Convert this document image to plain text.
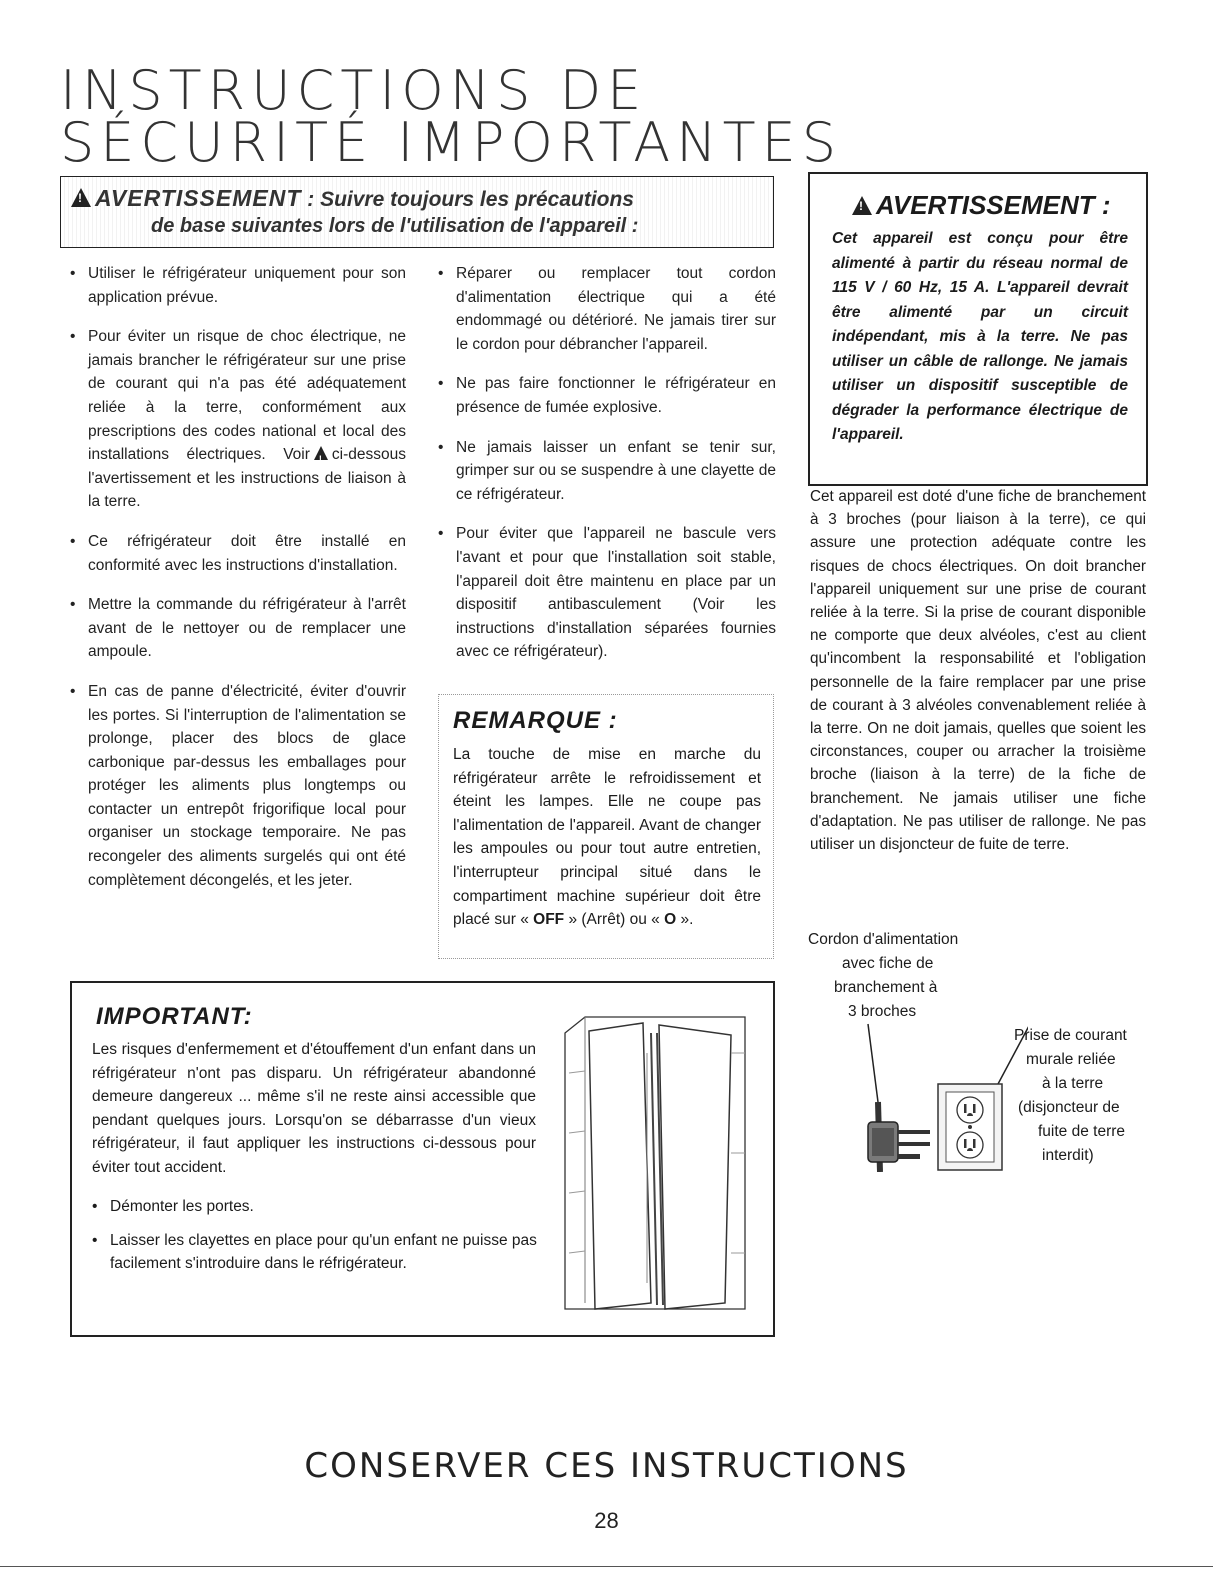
INSTRUCTIONS DE
SÉCURITÉ IMPORTANTES
!AVERTISSEMENT : Suivre toujours les précautions
de base suivantes lors de l'utilisation de l'appareil :
• Utiliser le réfrigérateur uniquement pour son application prévue.
• Pour éviter un risque de choc électrique, ne jamais brancher le réfrigérateur sur une prise de courant qui n'a pas été adéquatement reliée à la terre, conformément aux prescriptions des codes national et local des installations électriques. Voir! ci-dessous l'avertissement et les instructions de liaison à la terre.
• Ce réfrigérateur doit être installé en conformité avec les instructions d'installation.
• Mettre la commande du réfrigérateur à l'arrêt avant de le nettoyer ou de remplacer une ampoule.
• En cas de panne d'électricité, éviter d'ouvrir les portes. Si l'interruption de l'alimentation se prolonge, placer des blocs de glace carbonique par-dessus les emballages pour protéger les aliments plus longtemps ou contacter un entrepôt frigorifique local pour organiser un stockage temporaire. Ne pas recongeler des aliments surgelés qui ont été complètement décongelés, et les jeter.
• Réparer ou remplacer tout cordon d'alimentation électrique qui a été endommagé ou détérioré. Ne jamais tirer sur le cordon pour débrancher l'appareil.
• Ne pas faire fonctionner le réfrigérateur en présence de fumée explosive.
• Ne jamais laisser un enfant se tenir sur, grimper sur ou se suspendre à une clayette de ce réfrigérateur.
• Pour éviter que l'appareil ne bascule vers l'avant et pour que l'installation soit stable, l'appareil doit être maintenu en place par un dispositif antibasculement (Voir les instructions d'installation séparées fournies avec ce réfrigérateur).
REMARQUE :
La touche de mise en marche du réfrigérateur arrête le refroidissement et éteint les lampes. Elle ne coupe pas l'alimentation de l'appareil. Avant de changer les ampoules ou pour tout autre entretien, l'interrupteur principal situé dans le compartiment machine supérieur doit être placé sur « OFF » (Arrêt) ou « O ».
!AVERTISSEMENT :
Cet appareil est conçu pour être alimenté à partir du réseau normal de 115 V / 60 Hz, 15 A. L'appareil devrait être alimenté par un circuit indépendant, mis à la terre. Ne pas utiliser un câble de rallonge. Ne jamais utiliser un dispositif susceptible de dégrader la performance électrique de l'appareil.
Cet appareil est doté d'une fiche de branchement à 3 broches (pour liaison à la terre), ce qui assure une protection adéquate contre les risques de chocs électriques. On doit brancher l'appareil uniquement sur une prise de courant reliée à la terre. Si la prise de courant disponible ne comporte que deux alvéoles, c'est au client qu'incombent la responsabilité et l'obligation personnelle de la faire remplacer par une prise de courant à 3 alvéoles convenablement reliée à la terre. On ne doit jamais, quelles que soient les circonstances, couper ou arracher la troisième broche (liaison à la terre) de la fiche de branchement. Ne jamais utiliser une fiche d'adaptation. Ne pas utiliser de rallonge. Ne pas utiliser un disjoncteur de fuite de terre.
Cordon d'alimentation
avec fiche de
branchement à
3 broches
Prise de courant
murale reliée
à la terre
(disjoncteur de
fuite de terre
interdit)
IMPORTANT:
Les risques d'enfermement et d'étouffement d'un enfant dans un réfrigérateur n'ont pas disparu. Un réfrigérateur abandonné demeure dangereux ... même s'il ne reste ainsi accessible que pendant quelques jours. Lorsqu'on se débarrasse d'un vieux réfrigérateur, il faut appliquer les instructions ci-dessous pour éviter tout accident.
• Démonter les portes.
• Laisser les clayettes en place pour qu'un enfant ne puisse pas facilement s'introduire dans le réfrigérateur.
CONSERVER CES INSTRUCTIONS
28
